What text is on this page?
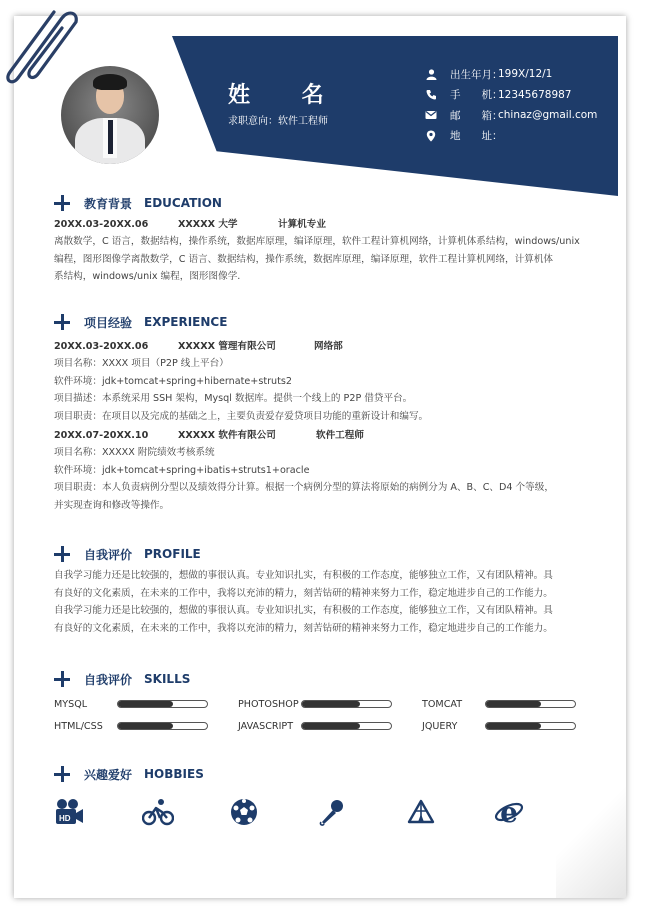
姓 名
求职意向：软件工程师
出生年月：
199X/12/1
手　　机：
12345678987
邮　　箱：
chinaz@gmail.com
地　　址：
教育背景 EDUCATION
20XX.03-20XX.06	XXXXX 大学	计算机专业
离散数学，C 语言，数据结构，操作系统，数据库原理，编译原理，软件工程计算机网络，计算机体系结构，windows/unix
编程，图形图像学离散数学，C 语言、数据结构，操作系统，数据库原理，编译原理，软件工程计算机网络，计算机体
系结构，windows/unix 编程，图形图像学.
项目经验 EXPERIENCE
20XX.03-20XX.06	XXXXX 管理有限公司	网络部
项目名称：XXXX 项目（P2P 线上平台）
软件环境：jdk+tomcat+spring+hibernate+struts2
项目描述：本系统采用 SSH 架构，Mysql 数据库。提供一个线上的 P2P 借贷平台。
项目职责：在项目以及完成的基础之上，主要负责爱存爱贷项目功能的重新设计和编写。
20XX.07-20XX.10	XXXXX 软件有限公司	软件工程师
项目名称：XXXXX 附院绩效考核系统
软件环境：jdk+tomcat+spring+ibatis+struts1+oracle
项目职责：本人负责病例分型以及绩效得分计算。根据一个病例分型的算法将原始的病例分为 A、B、C、D4 个等级，
并实现查询和修改等操作。
自我评价 PROFILE
自我学习能力还是比较强的，想做的事很认真。专业知识扎实，有积极的工作态度，能够独立工作，又有团队精神。具
有良好的文化素质，在未来的工作中，我将以充沛的精力，刻苦钻研的精神来努力工作，稳定地进步自己的工作能力。
自我学习能力还是比较强的，想做的事很认真。专业知识扎实，有积极的工作态度，能够独立工作，又有团队精神。具
有良好的文化素质，在未来的工作中，我将以充沛的精力，刻苦钻研的精神来努力工作，稳定地进步自己的工作能力。
自我评价 SKILLS
MYSQL	PHOTOSHOP	TOMCAT
HTML/CSS	JAVASCRIPT	JQUERY
兴趣爱好 HOBBIES
HD	e
